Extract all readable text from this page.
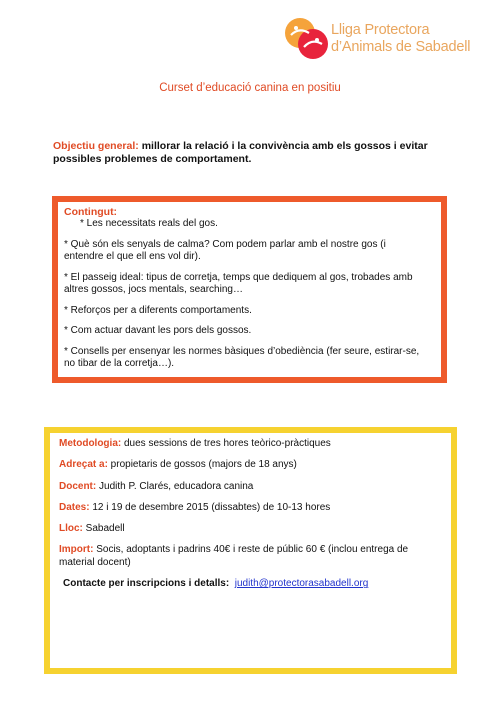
Lliga Protectora
d’Animals de Sabadell
Curset d’educació canina en positiu
Objectiu general: millorar la relació i la convivència amb els gossos i evitar possibles problemes de comportament.

Contingut:

* Les necessitats reals del gos.

* Què són els senyals de calma? Com podem parlar amb el nostre gos (i entendre el que ell ens vol dir).

* El passeig ideal: tipus de corretja, temps que dediquem al gos, trobades amb altres gossos, jocs mentals, searching…

* Reforços per a diferents comportaments.

* Com actuar davant les pors dels gossos.

* Consells per ensenyar les normes bàsiques d’obediència (fer seure, estirar-se, no tibar de la corretja…).

Metodologia: dues sessions de tres hores teòrico-pràctiques

Adreçat a: propietaris de gossos (majors de 18 anys)

Docent: Judith P. Clarés, educadora canina

Dates: 12 i 19 de desembre 2015 (dissabtes) de 10-13 hores

Lloc: Sabadell

Import: Socis, adoptants i padrins 40€ i reste de públic 60 € (inclou entrega de material docent)

Contacte per inscripcions i detalls: judith@protectorasabadell.org
